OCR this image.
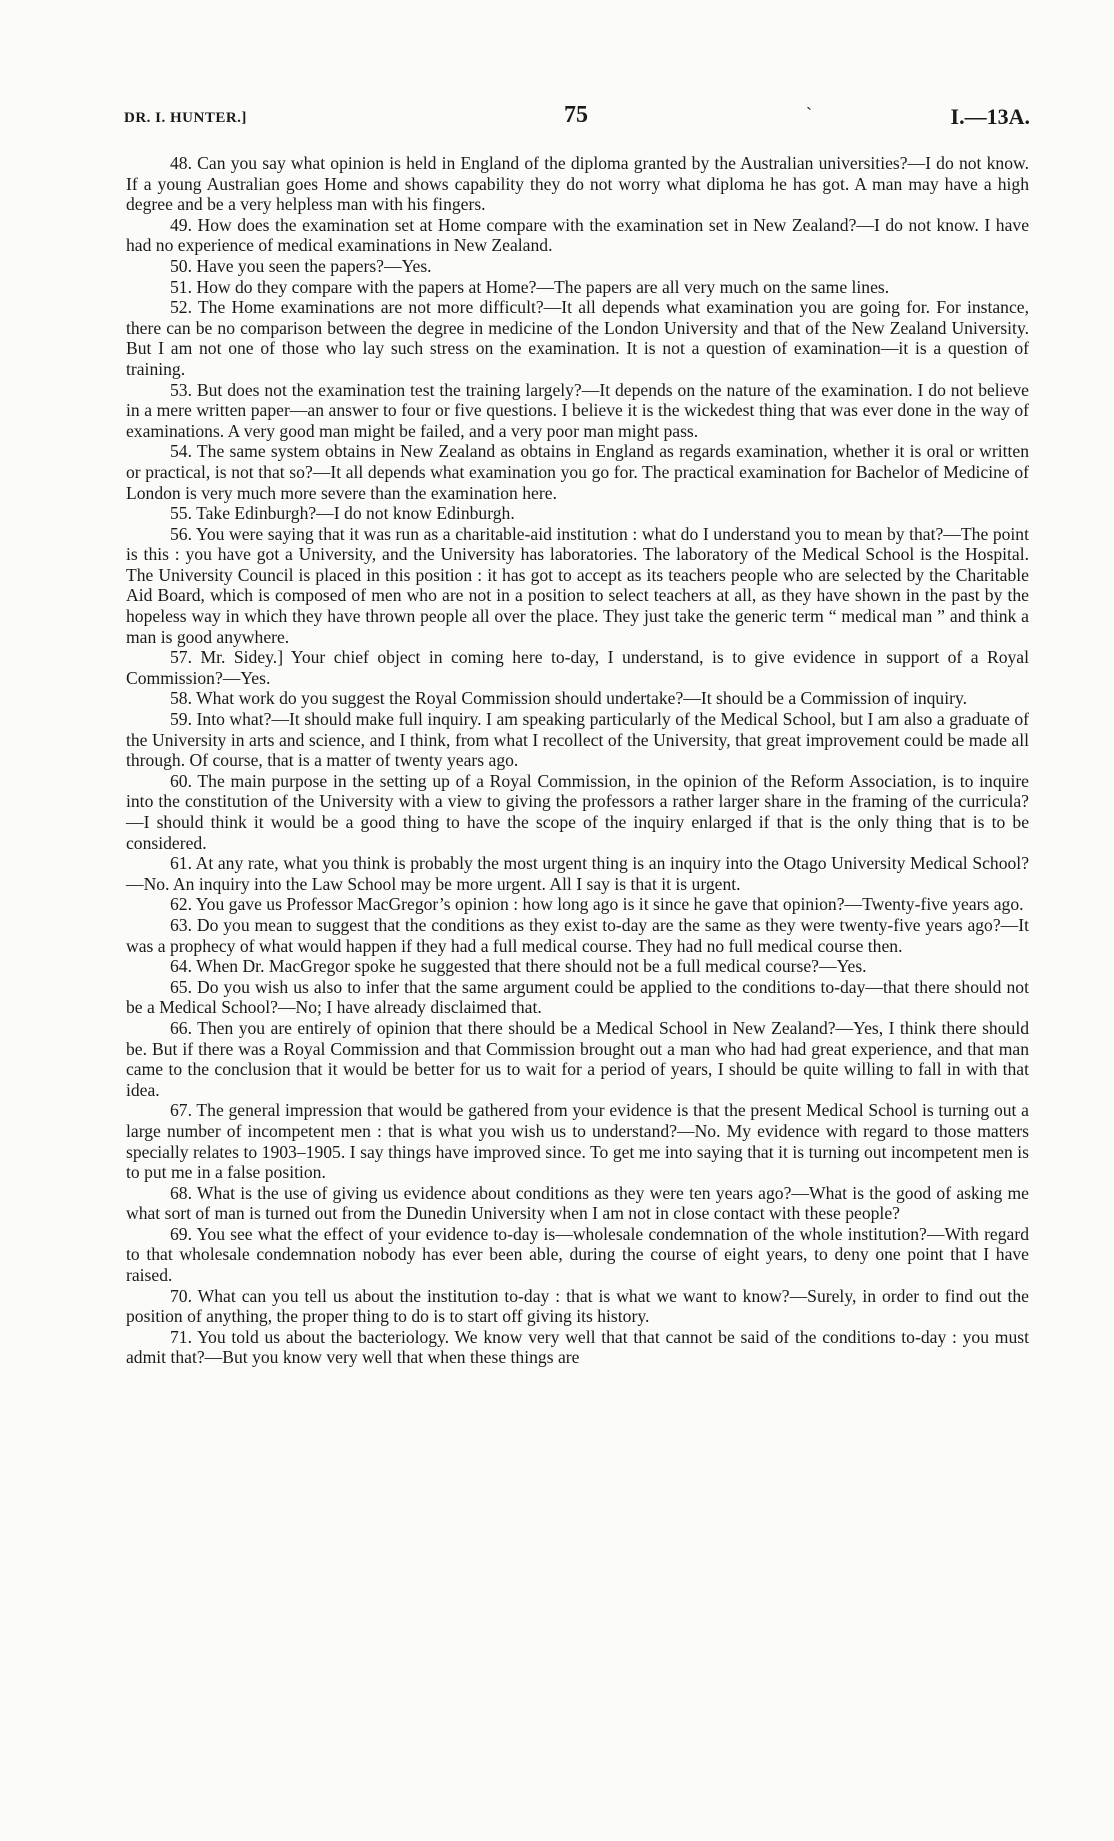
DR. I. HUNTER.]	75	`	I.—13A.

48. Can you say what opinion is held in England of the diploma granted by the Australian universities?—I do not know. If a young Australian goes Home and shows capability they do not worry what diploma he has got. A man may have a high degree and be a very helpless man with his fingers.

49. How does the examination set at Home compare with the examination set in New Zealand?—I do not know. I have had no experience of medical examinations in New Zealand.

50. Have you seen the papers?—Yes.

51. How do they compare with the papers at Home?—The papers are all very much on the same lines.

52. The Home examinations are not more difficult?—It all depends what examination you are going for. For instance, there can be no comparison between the degree in medicine of the London University and that of the New Zealand University. But I am not one of those who lay such stress on the examination. It is not a question of examination—it is a question of training.

53. But does not the examination test the training largely?—It depends on the nature of the examination. I do not believe in a mere written paper—an answer to four or five questions. I believe it is the wickedest thing that was ever done in the way of examinations. A very good man might be failed, and a very poor man might pass.

54. The same system obtains in New Zealand as obtains in England as regards examination, whether it is oral or written or practical, is not that so?—It all depends what examination you go for. The practical examination for Bachelor of Medicine of London is very much more severe than the examination here.

55. Take Edinburgh?—I do not know Edinburgh.

56. You were saying that it was run as a charitable-aid institution : what do I understand you to mean by that?—The point is this : you have got a University, and the University has laboratories. The laboratory of the Medical School is the Hospital. The University Council is placed in this position : it has got to accept as its teachers people who are selected by the Charitable Aid Board, which is composed of men who are not in a position to select teachers at all, as they have shown in the past by the hopeless way in which they have thrown people all over the place. They just take the generic term “ medical man ” and think a man is good anywhere.

57. Mr. Sidey.] Your chief object in coming here to-day, I understand, is to give evidence in support of a Royal Commission?—Yes.

58. What work do you suggest the Royal Commission should undertake?—It should be a Commission of inquiry.

59. Into what?—It should make full inquiry. I am speaking particularly of the Medical School, but I am also a graduate of the University in arts and science, and I think, from what I recollect of the University, that great improvement could be made all through. Of course, that is a matter of twenty years ago.

60. The main purpose in the setting up of a Royal Commission, in the opinion of the Reform Association, is to inquire into the constitution of the University with a view to giving the professors a rather larger share in the framing of the curricula?—I should think it would be a good thing to have the scope of the inquiry enlarged if that is the only thing that is to be considered.

61. At any rate, what you think is probably the most urgent thing is an inquiry into the Otago University Medical School?—No. An inquiry into the Law School may be more urgent. All I say is that it is urgent.

62. You gave us Professor MacGregor’s opinion : how long ago is it since he gave that opinion?—Twenty-five years ago.

63. Do you mean to suggest that the conditions as they exist to-day are the same as they were twenty-five years ago?—It was a prophecy of what would happen if they had a full medical course. They had no full medical course then.

64. When Dr. MacGregor spoke he suggested that there should not be a full medical course?—Yes.

65. Do you wish us also to infer that the same argument could be applied to the conditions to-day—that there should not be a Medical School?—No; I have already disclaimed that.

66. Then you are entirely of opinion that there should be a Medical School in New Zealand?—Yes, I think there should be. But if there was a Royal Commission and that Commission brought out a man who had had great experience, and that man came to the conclusion that it would be better for us to wait for a period of years, I should be quite willing to fall in with that idea.

67. The general impression that would be gathered from your evidence is that the present Medical School is turning out a large number of incompetent men : that is what you wish us to understand?—No. My evidence with regard to those matters specially relates to 1903–1905. I say things have improved since. To get me into saying that it is turning out incompetent men is to put me in a false position.

68. What is the use of giving us evidence about conditions as they were ten years ago?—What is the good of asking me what sort of man is turned out from the Dunedin University when I am not in close contact with these people?

69. You see what the effect of your evidence to-day is—wholesale condemnation of the whole institution?—With regard to that wholesale condemnation nobody has ever been able, during the course of eight years, to deny one point that I have raised.

70. What can you tell us about the institution to-day : that is what we want to know?—Surely, in order to find out the position of anything, the proper thing to do is to start off giving its history.

71. You told us about the bacteriology. We know very well that that cannot be said of the conditions to-day : you must admit that?—But you know very well that when these things are
